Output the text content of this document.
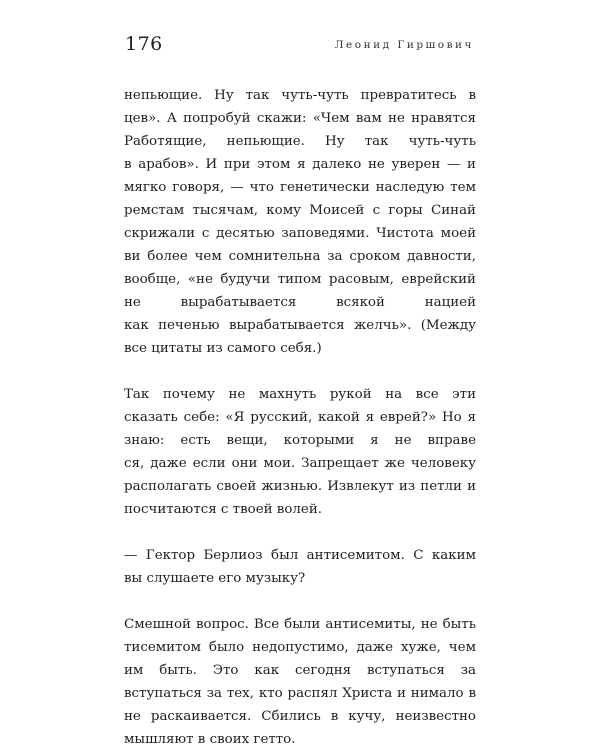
176	Леонид Гиршович
непьющие. Ну так чуть-чуть превратитесь в
цев». А попробуй скажи: «Чем вам не нравятся
Работящие, непьющие. Ну так чуть-чуть
в арабов». И при этом я далеко не уверен — и
мягко говоря, — что генетически наследую тем
ремстам тысячам, кому Моисей с горы Синай
скрижали с десятью заповедями. Чистота моей
ви более чем сомнительна за сроком давности,
вообще, «не будучи типом расовым, еврейский
не вырабатывается всякой нацией
как печенью вырабатывается желчь». (Между
все цитаты из самого себя.)
Так почему не махнуть рукой на все эти
сказать себе: «Я русский, какой я еврей?» Но я
знаю: есть вещи, которыми я не вправе
ся, даже если они мои. Запрещает же человеку
располагать своей жизнью. Извлекут из петли и
посчитаются с твоей волей.
— Гектор Берлиоз был антисемитом. С каким
вы слушаете его музыку?
Смешной вопрос. Все были антисемиты, не быть
тисемитом было недопустимо, даже хуже, чем
им быть. Это как сегодня вступаться за
вступаться за тех, кто распял Христа и нимало в
не раскаивается. Сбились в кучу, неизвестно
мышляют в своих гетто.
